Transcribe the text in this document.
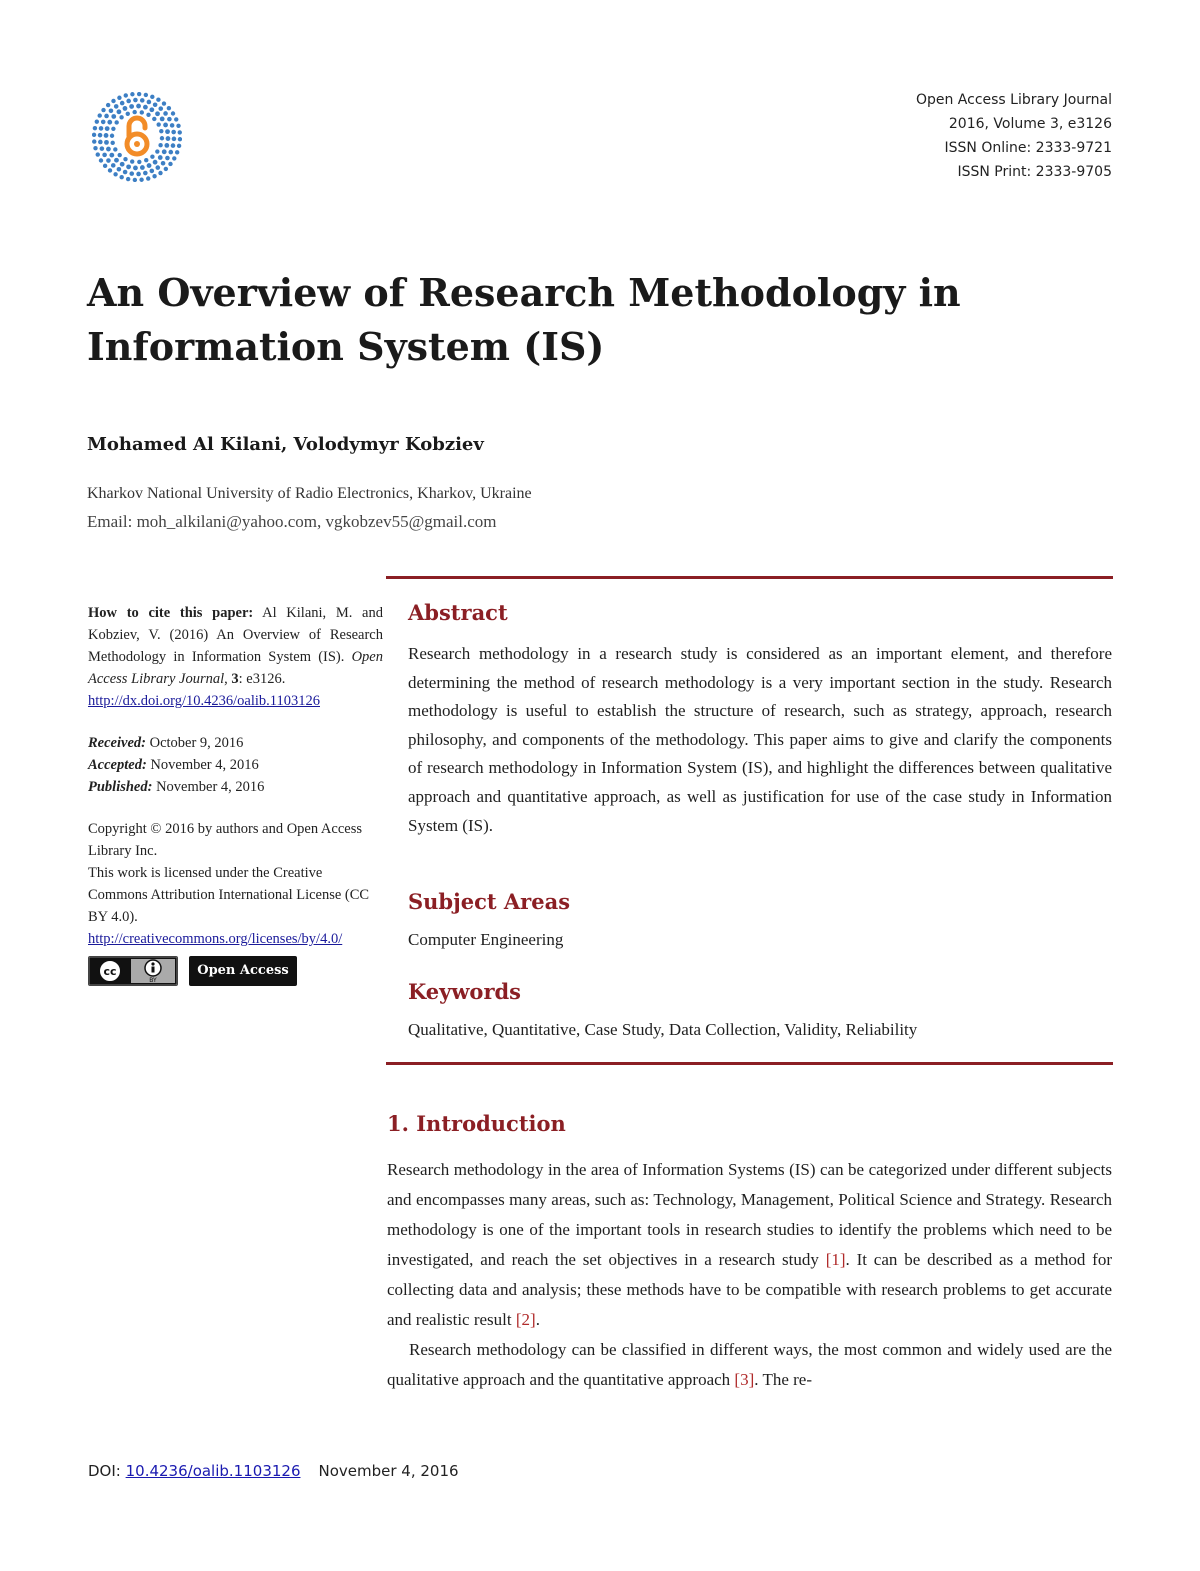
Open Access Library Journal
2016, Volume 3, e3126
ISSN Online: 2333-9721
ISSN Print: 2333-9705
An Overview of Research Methodology in Information System (IS)
Mohamed Al Kilani, Volodymyr Kobziev
Kharkov National University of Radio Electronics, Kharkov, Ukraine
Email: moh_alkilani@yahoo.com, vgkobzev55@gmail.com
How to cite this paper: Al Kilani, M. and Kobziev, V. (2016) An Overview of Research Methodology in Information System (IS). Open Access Library Journal, 3: e3126.
http://dx.doi.org/10.4236/oalib.1103126
Received: October 9, 2016
Accepted: November 4, 2016
Published: November 4, 2016
Copyright © 2016 by authors and Open Access Library Inc.
This work is licensed under the Creative Commons Attribution International License (CC BY 4.0).
http://creativecommons.org/licenses/by/4.0/
cc
BY
Open Access
Abstract

Research methodology in a research study is considered as an important element, and therefore determining the method of research methodology is a very important section in the study. Research methodology is useful to establish the structure of research, such as strategy, approach, research philosophy, and components of the methodology. This paper aims to give and clarify the components of research methodology in Information System (IS), and highlight the differences between qualitative approach and quantitative approach, as well as justification for use of the case study in Information System (IS).

Subject Areas
Computer Engineering
Keywords
Qualitative, Quantitative, Case Study, Data Collection, Validity, Reliability
1. Introduction

Research methodology in the area of Information Systems (IS) can be categorized under different subjects and encompasses many areas, such as: Technology, Management, Political Science and Strategy. Research methodology is one of the important tools in research studies to identify the problems which need to be investigated, and reach the set objectives in a research study [1]. It can be described as a method for collecting data and analysis; these methods have to be compatible with research problems to get accurate and realistic result [2].

Research methodology can be classified in different ways, the most common and widely used are the qualitative approach and the quantitative approach [3]. The re-

DOI: 10.4236/oalib.1103126 November 4, 2016
